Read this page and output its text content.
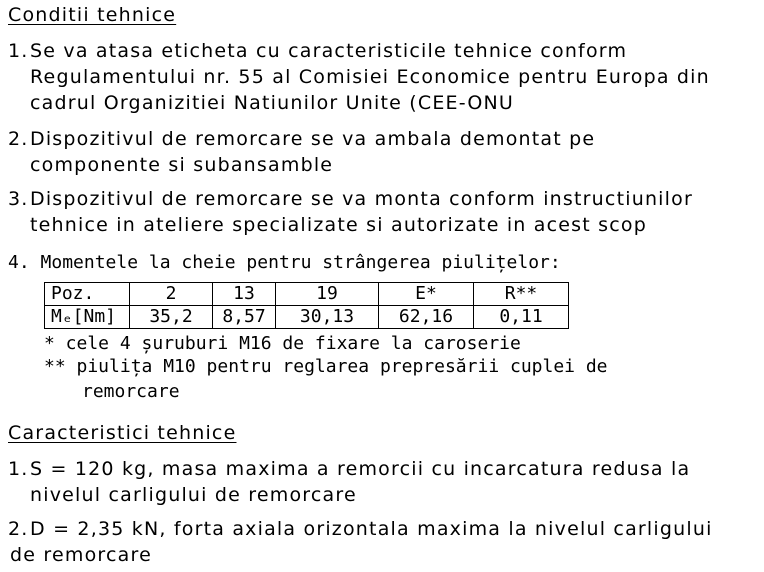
Conditii tehnice
1. Se va atasa eticheta cu caracteristicile tehnice conform
Regulamentului nr. 55 al Comisiei Economice pentru Europa din
cadrul Organizitiei Natiunilor Unite (CEE-ONU
2. Dispozitivul de remorcare se va ambala demontat pe
componente si subansamble
3. Dispozitivul de remorcare se va monta conform instructiunilor
tehnice in ateliere specializate si autorizate in acest scop
4. Momentele la cheie pentru strângerea piulițelor:
Poz.	2	13	19	E*	R**
Mₑ[Nm]	35,2	8,57	30,13	62,16	0,11
* cele 4 șuruburi M16 de fixare la caroserie
** piulița M10 pentru reglarea prepresării cuplei de
remorcare
Caracteristici tehnice
1. S = 120 kg, masa maxima a remorcii cu incarcatura redusa la
nivelul carligului de remorcare
2. D = 2,35 kN, forta axiala orizontala maxima la nivelul carligului
de remorcare
